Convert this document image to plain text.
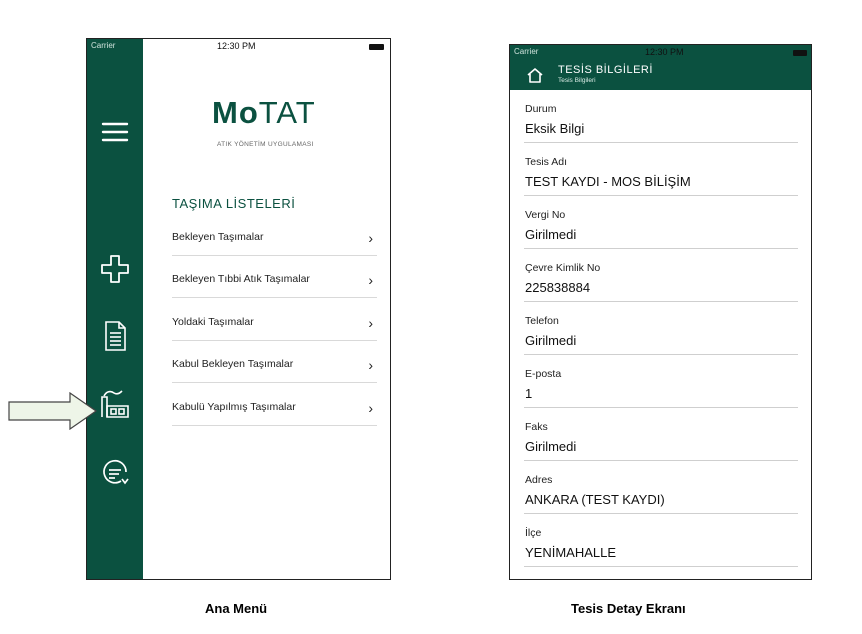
Carrier	12:30 PM
MoTAT
ATIK YÖNETİM UYGULAMASI
TAŞIMA LİSTELERİ
Bekleyen Taşımalar	›
Bekleyen Tıbbi Atık Taşımalar	›
Yoldaki Taşımalar	›
Kabul Bekleyen Taşımalar	›
Kabulü Yapılmış Taşımalar	›
Carrier	12:30 PM
TESİS BİLGİLERİ
Tesis Bilgileri
Durum
Eksik Bilgi
Tesis Adı
TEST KAYDI - MOS BİLİŞİM
Vergi No
Girilmedi
Çevre Kimlik No
225838884
Telefon
Girilmedi
E-posta
1
Faks
Girilmedi
Adres
ANKARA (TEST KAYDI)
İlçe
YENİMAHALLE
Ana Menü	Tesis Detay Ekranı
